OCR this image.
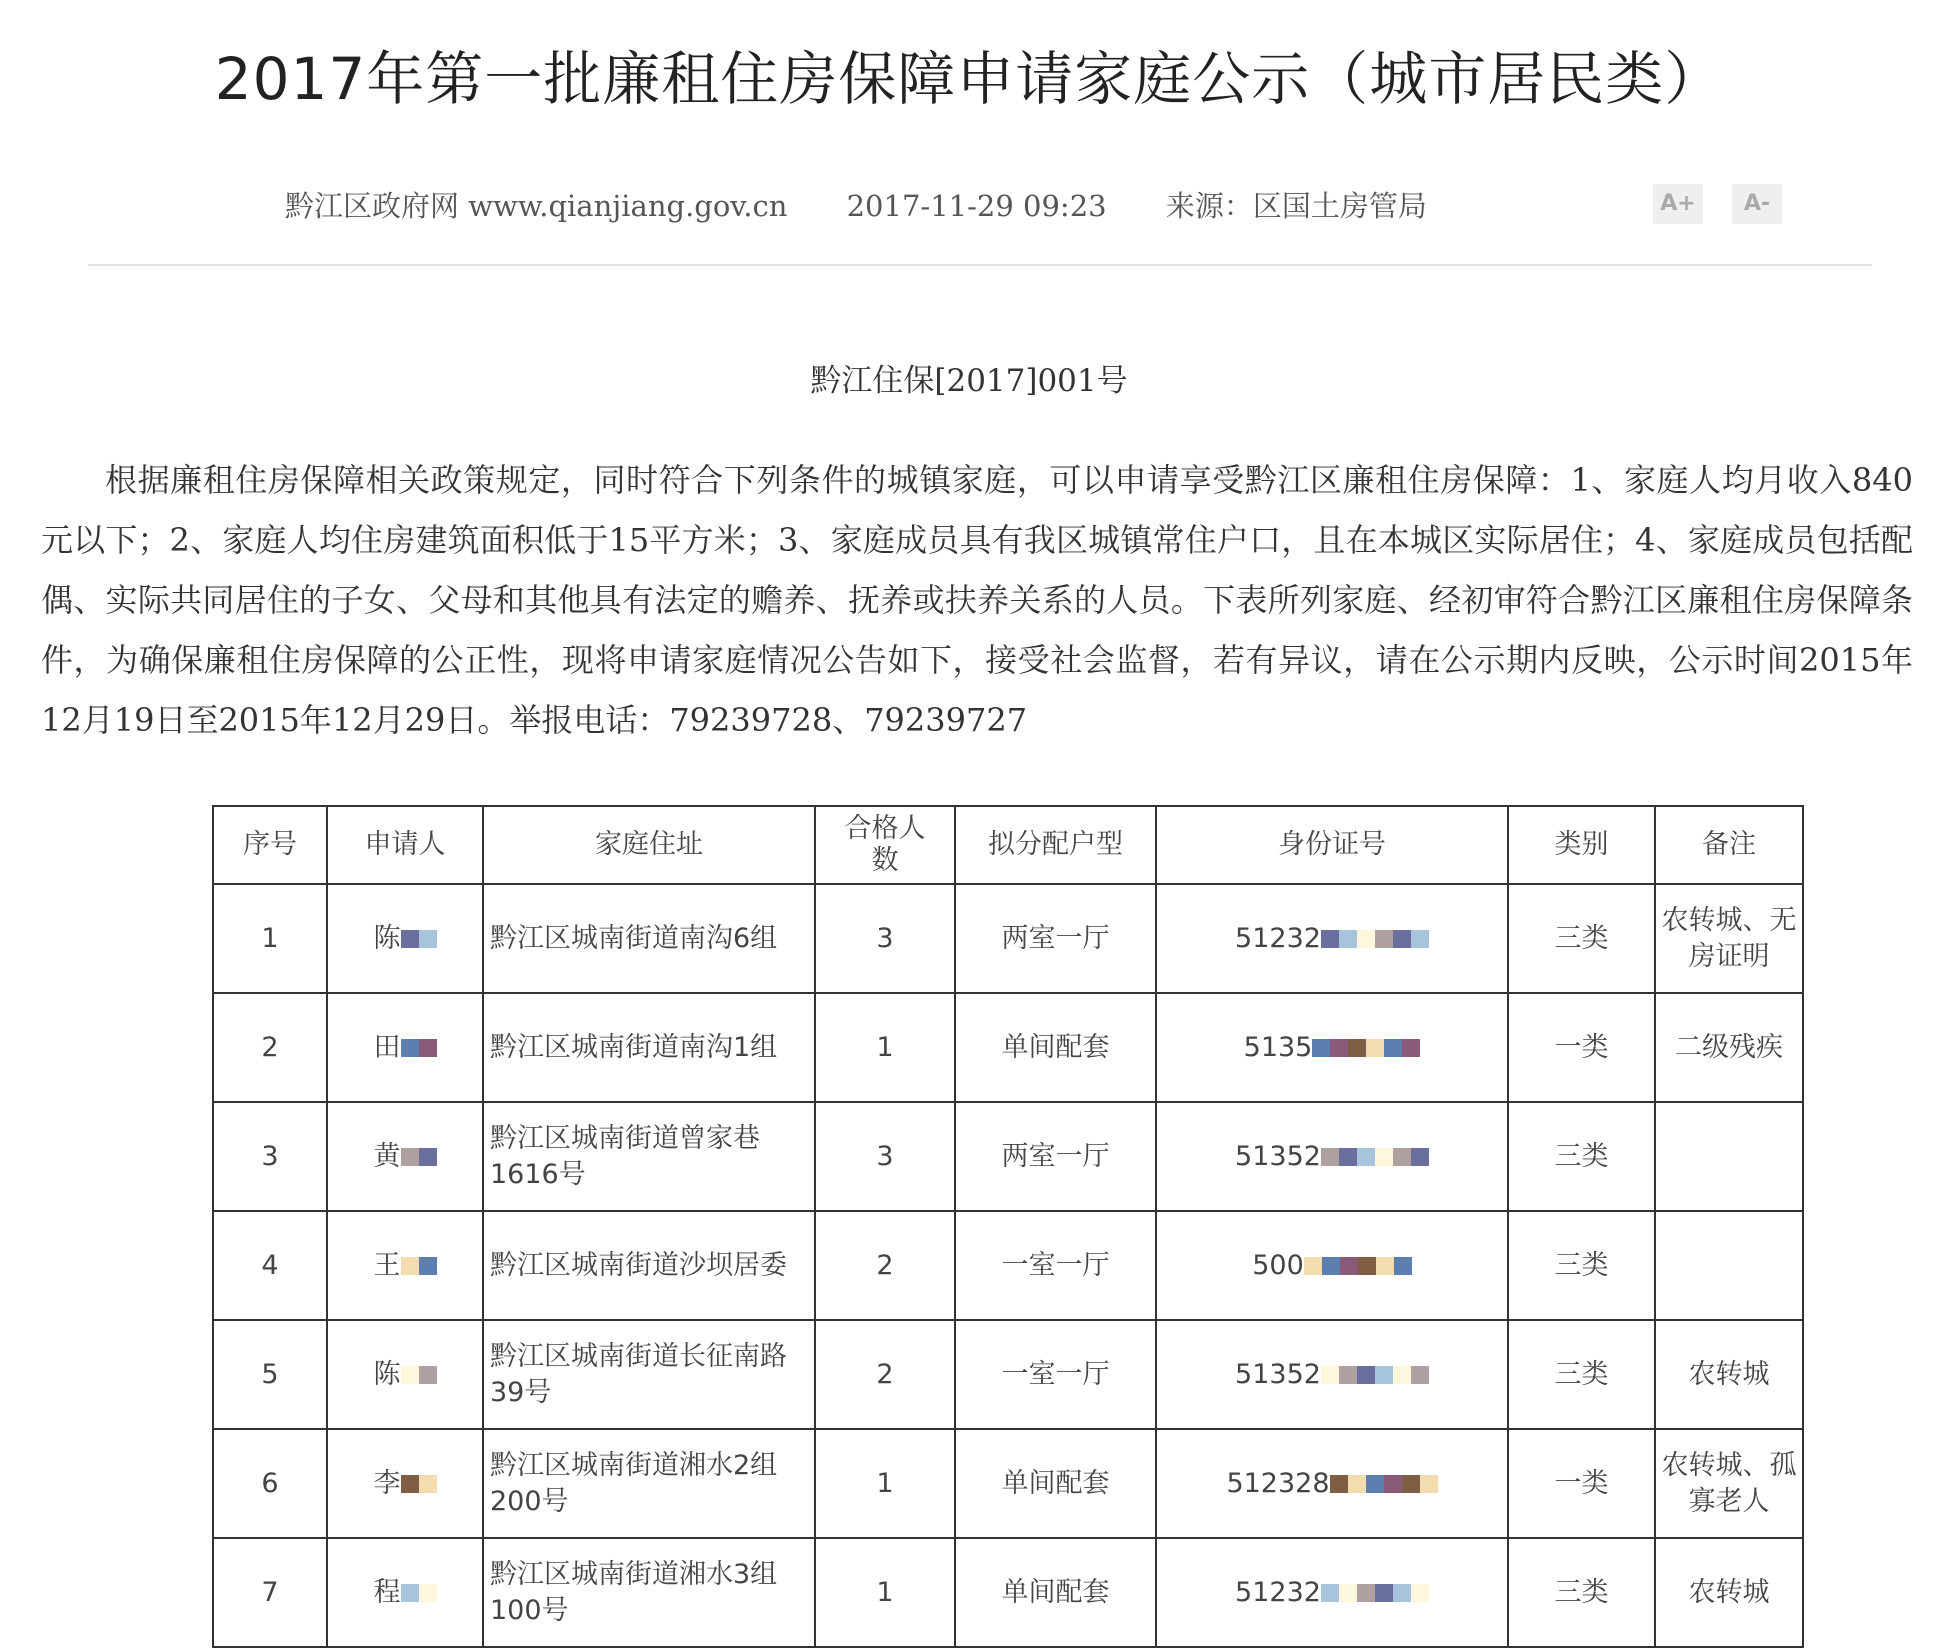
2017年第一批廉租住房保障申请家庭公示（城市居民类）
黔江区政府网 www.qianjiang.gov.cn 2017-11-29 09:23 来源：区国土房管局	A+	A-
黔江住保[2017]001号
根据廉租住房保障相关政策规定，同时符合下列条件的城镇家庭，可以申请享受黔江区廉租住房保障：1、家庭人均月收入840元以下；2、家庭人均住房建筑面积低于15平方米；3、家庭成员具有我区城镇常住户口，且在本城区实际居住；4、家庭成员包括配偶、实际共同居住的子女、父母和其他具有法定的赡养、抚养或扶养关系的人员。下表所列家庭、经初审符合黔江区廉租住房保障条件，为确保廉租住房保障的公正性，现将申请家庭情况公告如下，接受社会监督，若有异议，请在公示期内反映，公示时间2015年12月19日至2015年12月29日。举报电话：79239728、79239727
序号	申请人	家庭住址	合格人数	拟分配户型	身份证号	类别	备注
1	陈	黔江区城南街道南沟6组	3	两室一厅	51232	三类	农转城、无房证明
2	田	黔江区城南街道南沟1组	1	单间配套	5135	一类	二级残疾
3	黄	黔江区城南街道曾家巷1616号	3	两室一厅	51352	三类	
4	王	黔江区城南街道沙坝居委	2	一室一厅	500	三类	
5	陈	黔江区城南街道长征南路39号	2	一室一厅	51352	三类	农转城
6	李	黔江区城南街道湘水2组200号	1	单间配套	512328	一类	农转城、孤寡老人
7	程	黔江区城南街道湘水3组100号	1	单间配套	51232	三类	农转城
